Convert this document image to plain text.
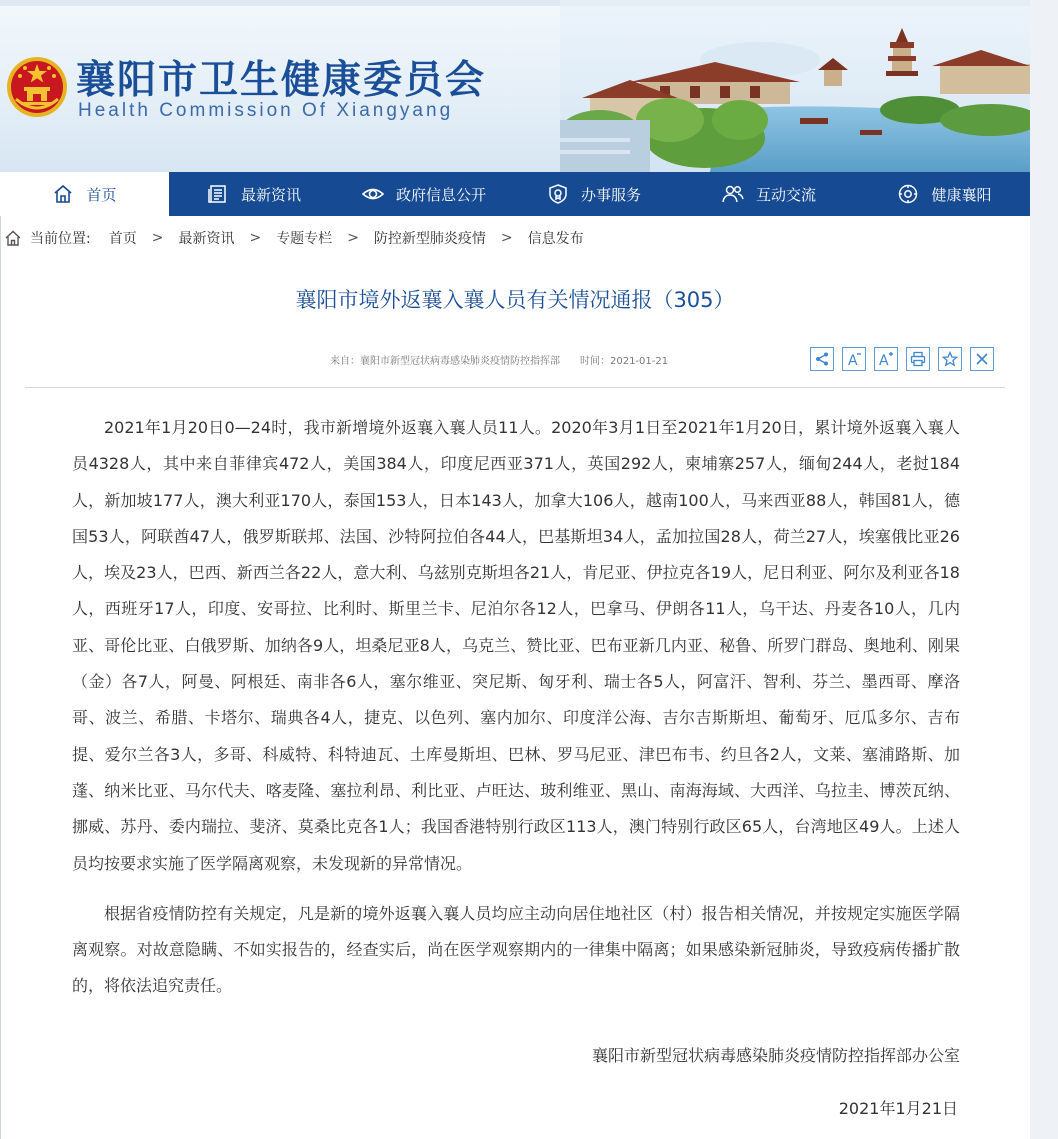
襄阳市卫生健康委员会
Health Commission Of Xiangyang
首页	最新资讯	政府信息公开	办事服务	互动交流	健康襄阳
当前位置: 首页 > 最新资讯 > 专题专栏 > 防控新型肺炎疫情 > 信息发布
襄阳市境外返襄入襄人员有关情况通报（305）
来自：襄阳市新型冠状病毒感染肺炎疫情防控指挥部 时间：2021-01-21	A A

2021年1月20日0—24时，我市新增境外返襄入襄人员11人。2020年3月1日至2021年1月20日，累计境外返襄入襄人员4328人，其中来自菲律宾472人，美国384人，印度尼西亚371人，英国292人，柬埔寨257人，缅甸244人，老挝184人，新加坡177人，澳大利亚170人，泰国153人，日本143人，加拿大106人，越南100人，马来西亚88人，韩国81人，德国53人，阿联酋47人，俄罗斯联邦、法国、沙特阿拉伯各44人，巴基斯坦34人，孟加拉国28人，荷兰27人，埃塞俄比亚26人，埃及23人，巴西、新西兰各22人，意大利、乌兹别克斯坦各21人，肯尼亚、伊拉克各19人，尼日利亚、阿尔及利亚各18人，西班牙17人，印度、安哥拉、比利时、斯里兰卡、尼泊尔各12人，巴拿马、伊朗各11人，乌干达、丹麦各10人，几内亚、哥伦比亚、白俄罗斯、加纳各9人，坦桑尼亚8人，乌克兰、赞比亚、巴布亚新几内亚、秘鲁、所罗门群岛、奥地利、刚果（金）各7人，阿曼、阿根廷、南非各6人，塞尔维亚、突尼斯、匈牙利、瑞士各5人，阿富汗、智利、芬兰、墨西哥、摩洛哥、波兰、希腊、卡塔尔、瑞典各4人，捷克、以色列、塞内加尔、印度洋公海、吉尔吉斯斯坦、葡萄牙、厄瓜多尔、吉布提、爱尔兰各3人，多哥、科威特、科特迪瓦、土库曼斯坦、巴林、罗马尼亚、津巴布韦、约旦各2人，文莱、塞浦路斯、加蓬、纳米比亚、马尔代夫、喀麦隆、塞拉利昂、利比亚、卢旺达、玻利维亚、黑山、南海海域、大西洋、乌拉圭、博茨瓦纳、挪威、苏丹、委内瑞拉、斐济、莫桑比克各1人；我国香港特别行政区113人，澳门特别行政区65人，台湾地区49人。上述人员均按要求实施了医学隔离观察，未发现新的异常情况。

根据省疫情防控有关规定，凡是新的境外返襄入襄人员均应主动向居住地社区（村）报告相关情况，并按规定实施医学隔离观察。对故意隐瞒、不如实报告的，经查实后，尚在医学观察期内的一律集中隔离；如果感染新冠肺炎，导致疫病传播扩散的，将依法追究责任。

襄阳市新型冠状病毒感染肺炎疫情防控指挥部办公室
2021年1月21日
